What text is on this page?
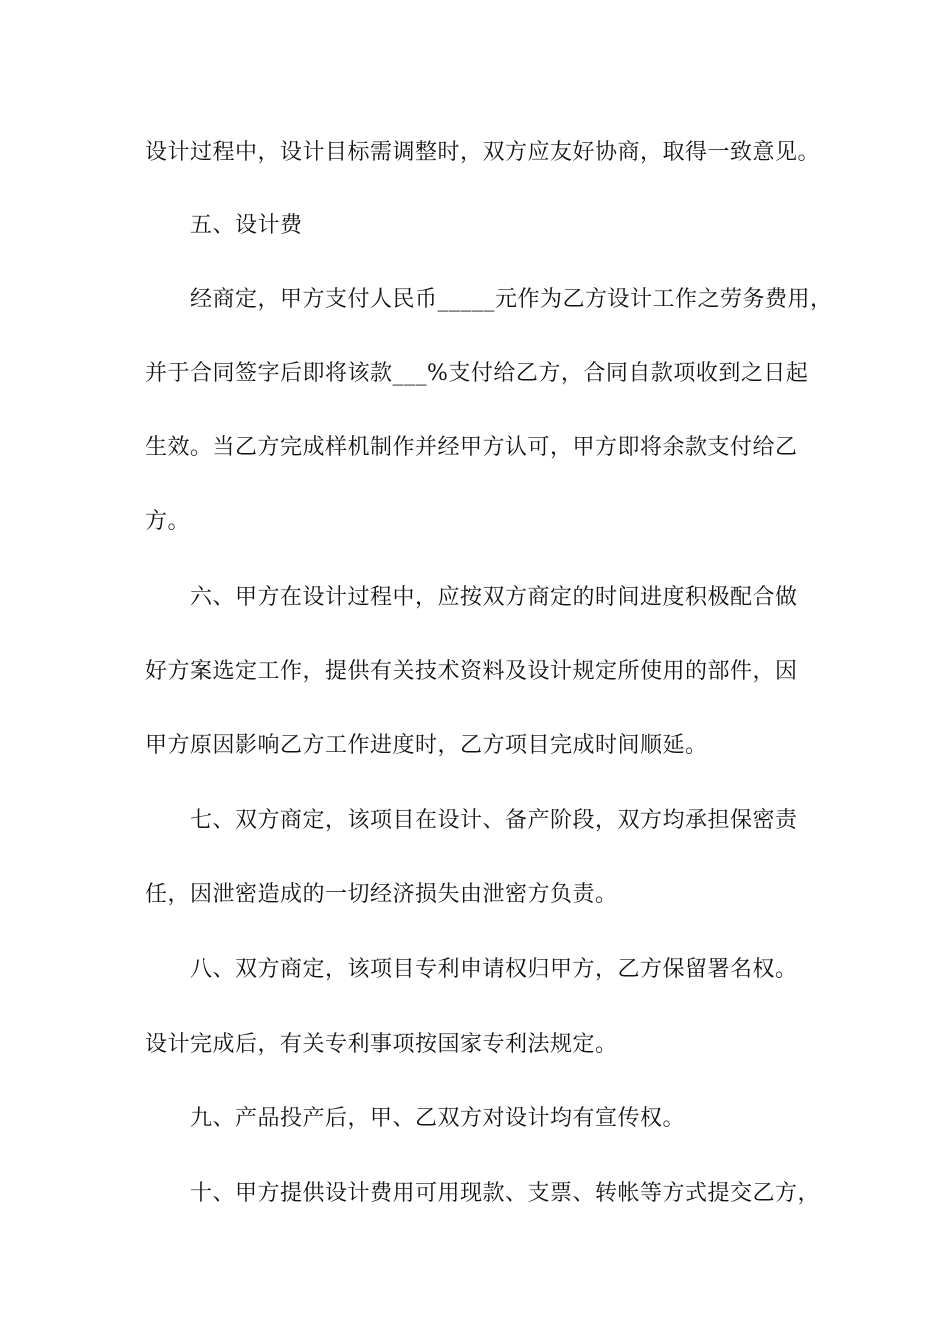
设计过程中，设计目标需调整时，双方应友好协商，取得一致意见。
五、设计费
经商定，甲方支付人民币_____元作为乙方设计工作之劳务费用，
并于合同签字后即将该款___%支付给乙方，合同自款项收到之日起
生效。当乙方完成样机制作并经甲方认可，甲方即将余款支付给乙
方。
六、甲方在设计过程中，应按双方商定的时间进度积极配合做
好方案选定工作，提供有关技术资料及设计规定所使用的部件，因
甲方原因影响乙方工作进度时，乙方项目完成时间顺延。
七、双方商定，该项目在设计、备产阶段，双方均承担保密责
任，因泄密造成的一切经济损失由泄密方负责。
八、双方商定，该项目专利申请权归甲方，乙方保留署名权。
设计完成后，有关专利事项按国家专利法规定。
九、产品投产后，甲、乙双方对设计均有宣传权。
十、甲方提供设计费用可用现款、支票、转帐等方式提交乙方，
